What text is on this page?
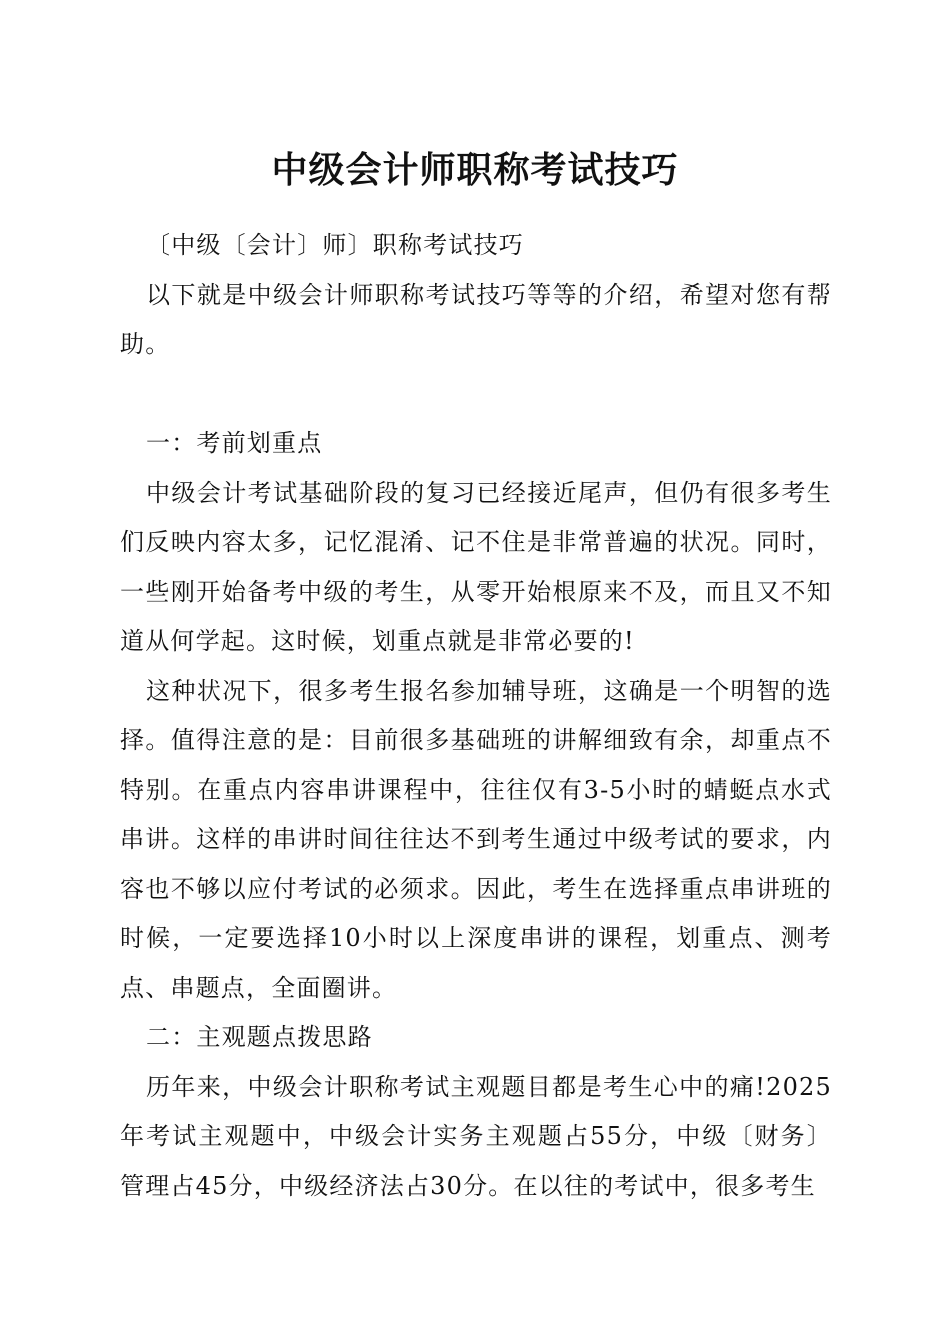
中级会计师职称考试技巧

〔中级〔会计〕师〕职称考试技巧

以下就是中级会计师职称考试技巧等等的介绍，希望对您有帮助。

一：考前划重点

中级会计考试基础阶段的复习已经接近尾声，但仍有很多考生们反映内容太多，记忆混淆、记不住是非常普遍的状况。同时，一些刚开始备考中级的考生，从零开始根原来不及，而且又不知道从何学起。这时候，划重点就是非常必要的!

这种状况下，很多考生报名参加辅导班，这确是一个明智的选择。值得注意的是：目前很多基础班的讲解细致有余，却重点不特别。在重点内容串讲课程中，往往仅有3-5小时的蜻蜓点水式串讲。这样的串讲时间往往达不到考生通过中级考试的要求，内容也不够以应付考试的必须求。因此，考生在选择重点串讲班的时候，一定要选择10小时以上深度串讲的课程，划重点、测考点、串题点，全面圈讲。

二：主观题点拨思路

历年来，中级会计职称考试主观题目都是考生心中的痛!2025年考试主观题中，中级会计实务主观题占55分，中级〔财务〕管理占45分，中级经济法占30分。在以往的考试中，很多考生
